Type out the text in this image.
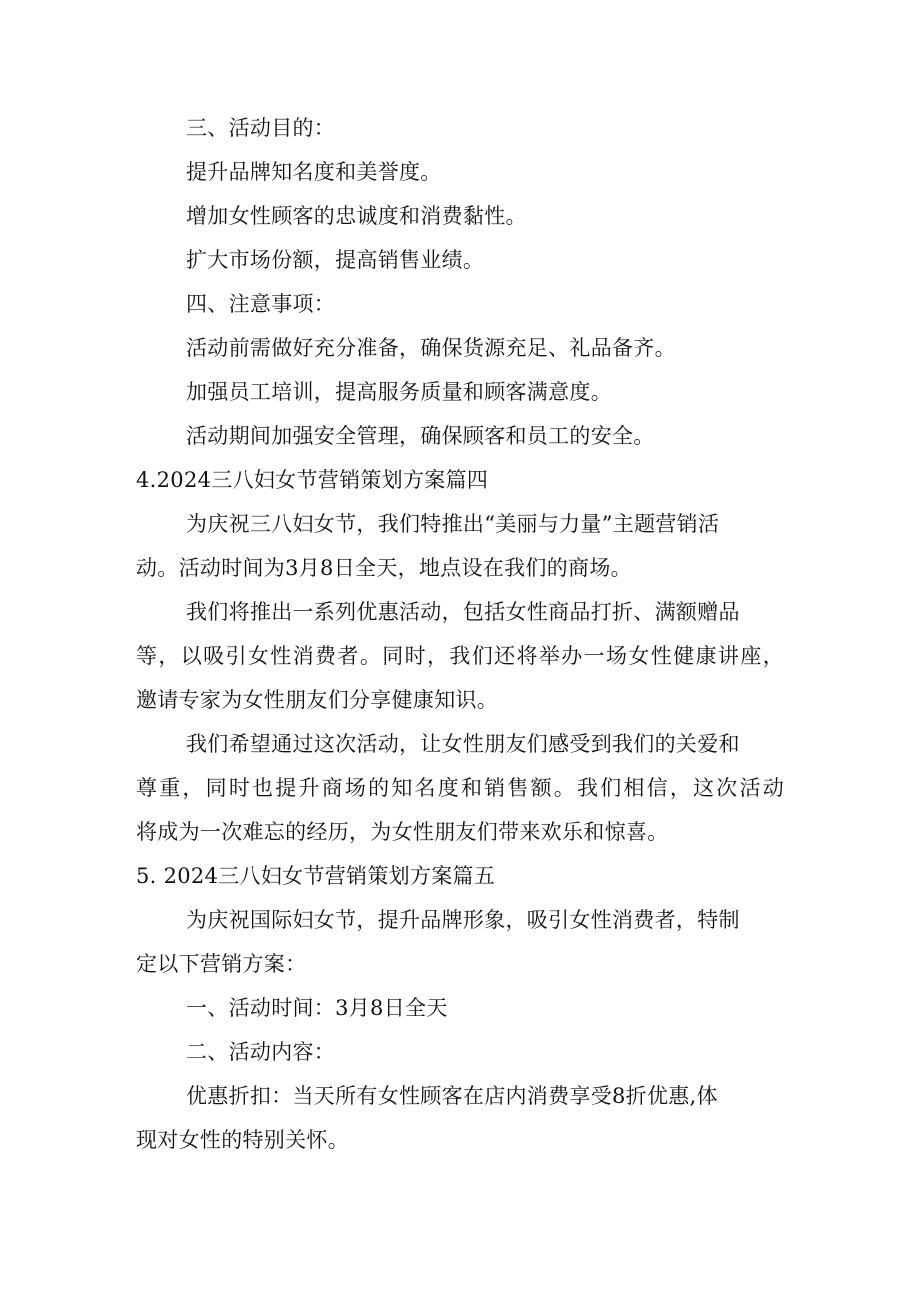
三、活动目的：
提升品牌知名度和美誉度。
增加女性顾客的忠诚度和消费黏性。
扩大市场份额，提高销售业绩。
四、注意事项：
活动前需做好充分准备，确保货源充足、礼品备齐。
加强员工培训，提高服务质量和顾客满意度。
活动期间加强安全管理，确保顾客和员工的安全。
4.2024三八妇女节营销策划方案篇四
为庆祝三八妇女节，我们特推出“美丽与力量”主题营销活
动。活动时间为3月8日全天，地点设在我们的商场。
我们将推出一系列优惠活动，包括女性商品打折、满额赠品
等，以吸引女性消费者。同时，我们还将举办一场女性健康讲座，
邀请专家为女性朋友们分享健康知识。
我们希望通过这次活动，让女性朋友们感受到我们的关爱和
尊重，同时也提升商场的知名度和销售额。我们相信，这次活动
将成为一次难忘的经历，为女性朋友们带来欢乐和惊喜。
5. 2024三八妇女节营销策划方案篇五
为庆祝国际妇女节，提升品牌形象，吸引女性消费者，特制
定以下营销方案：
一、活动时间：3月8日全天
二、活动内容：
优惠折扣：当天所有女性顾客在店内消费享受8折优惠,体
现对女性的特别关怀。
